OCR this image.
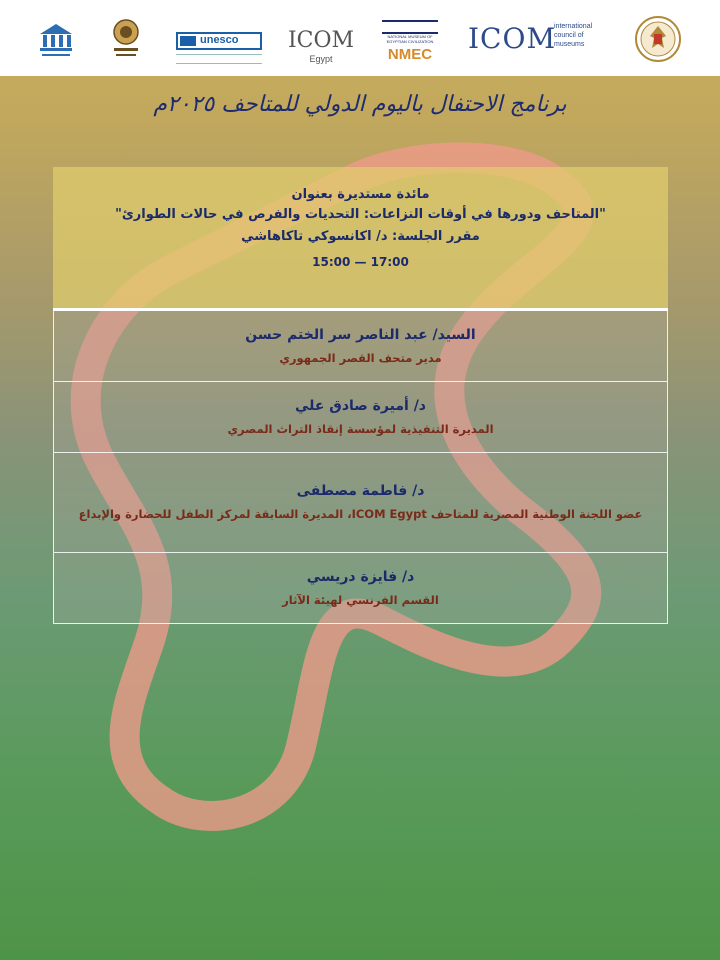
ICOM
international council of museums
NATIONAL MUSEUM OF EGYPTIAN CIVILIZATION
NMEC
ICOM
Egypt
unesco
برنامج الاحتفال باليوم الدولي للمتاحف ٢٠٢٥م
مائدة مستديرة بعنوان
"المتاحف ودورها في أوقات النزاعات: التحديات والفرص في حالات الطوارئ"
مقرر الجلسة: د/ اكانسوكي تاكاهاشي
15:00 — 17:00
السيد/ عبد الناصر سر الختم حسن
مدير متحف القصر الجمهوري
د/ أميرة صادق علي
المديرة التنفيذية لمؤسسة إنقاذ التراث المصري
د/ فاطمة مصطفى
عضو اللجنة الوطنية المصرية للمتاحف ICOM Egypt، المديرة السابقة لمركز الطفل للحضارة والإبداع
د/ فايزة دريسي
القسم الفرنسي لهيئة الآثار
